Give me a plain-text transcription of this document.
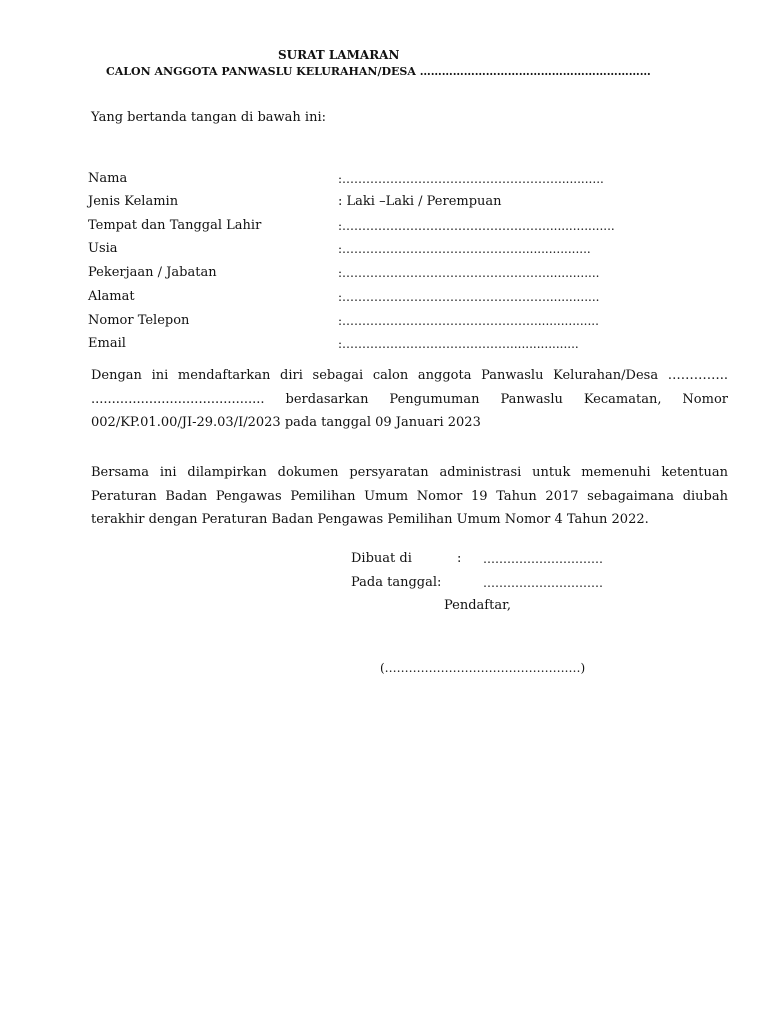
SURAT LAMARAN
CALON ANGGOTA PANWASLU KELURAHAN/DESA ………………………………………………………
Yang bertanda tangan di bawah ini:
Nama	:………………………………………………............
Jenis Kelamin	: Laki –Laki / Perempuan
Tempat dan Tanggal Lahir	:……………………………………………..................
Usia	:………………………………………..................
Pekerjaan / Jabatan	:……………………………………………..............
Alamat	:……………………………………………..............
Nomor Telepon	:………………………………………….................
Email	:……………………………………..................

Dengan ini mendaftarkan diri sebagai calon anggota Panwaslu Kelurahan/Desa ………….. .......................................... berdasarkan Pengumuman Panwaslu Kecamatan, Nomor 002/KP.01.00/JI-29.03/I/2023 pada tanggal 09 Januari 2023

Bersama ini dilampirkan dokumen persyaratan administrasi untuk memenuhi ketentuan Peraturan Badan Pengawas Pemilihan Umum Nomor 19 Tahun 2017 sebagaimana diubah terakhir dengan Peraturan Badan Pengawas Pemilihan Umum Nomor 4 Tahun 2022.

Dibuat di	: …………………………
Pada tanggal:	…………………………
Pendaftar,
(……………………………………….…)
